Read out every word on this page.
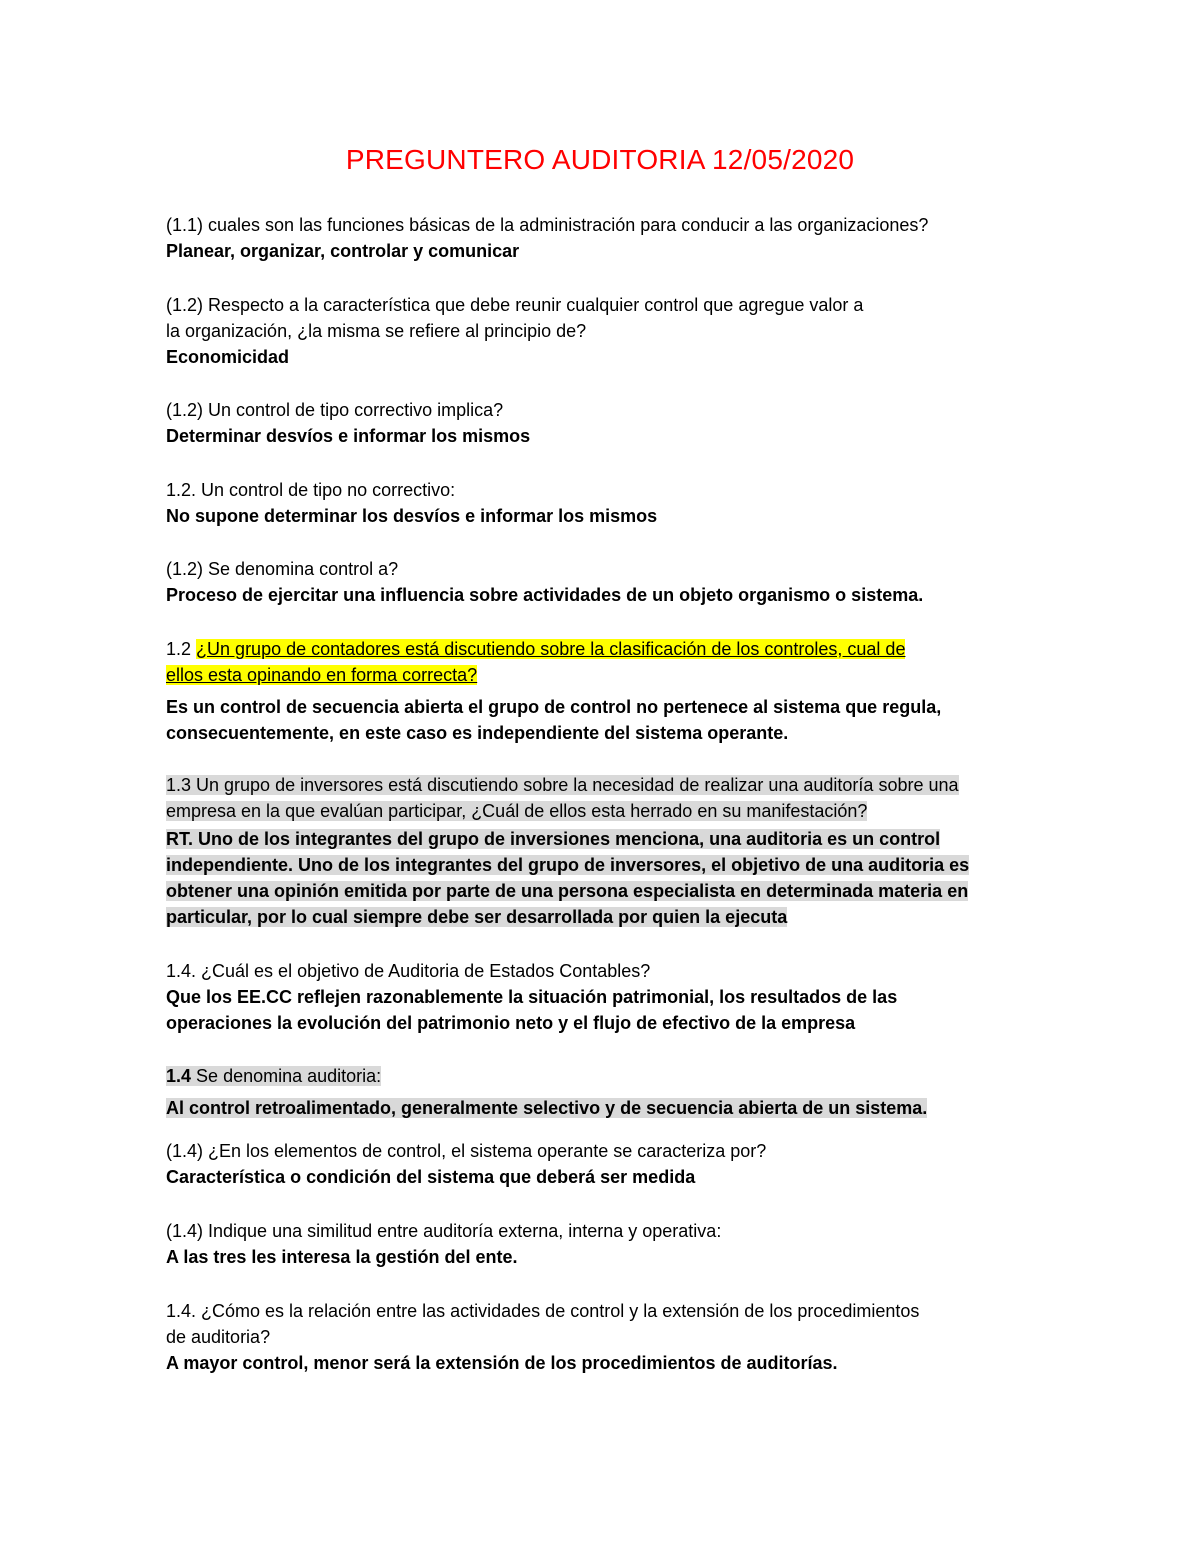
PREGUNTERO AUDITORIA 12/05/2020
(1.1) cuales son las funciones básicas de la administración para conducir a las organizaciones?
Planear, organizar, controlar y comunicar
(1.2) Respecto a la característica que debe reunir cualquier control que agregue valor a
la organización, ¿la misma se refiere al principio de?
Economicidad
(1.2) Un control de tipo correctivo implica?
Determinar desvíos e informar los mismos
1.2. Un control de tipo no correctivo:
No supone determinar los desvíos e informar los mismos
(1.2) Se denomina control a?
Proceso de ejercitar una influencia sobre actividades de un objeto organismo o sistema.
1.2 ¿Un grupo de contadores está discutiendo sobre la clasificación de los controles, cual de
ellos esta opinando en forma correcta?
Es un control de secuencia abierta el grupo de control no pertenece al sistema que regula,
consecuentemente, en este caso es independiente del sistema operante.
1.3 Un grupo de inversores está discutiendo sobre la necesidad de realizar una auditoría sobre una
empresa en la que evalúan participar, ¿Cuál de ellos esta herrado en su manifestación?
RT. Uno de los integrantes del grupo de inversiones menciona, una auditoria es un control
independiente. Uno de los integrantes del grupo de inversores, el objetivo de una auditoria es
obtener una opinión emitida por parte de una persona especialista en determinada materia en
particular, por lo cual siempre debe ser desarrollada por quien la ejecuta
1.4. ¿Cuál es el objetivo de Auditoria de Estados Contables?
Que los EE.CC reflejen razonablemente la situación patrimonial, los resultados de las
operaciones la evolución del patrimonio neto y el flujo de efectivo de la empresa
1.4 Se denomina auditoria:
Al control retroalimentado, generalmente selectivo y de secuencia abierta de un sistema.
(1.4) ¿En los elementos de control, el sistema operante se caracteriza por?
Característica o condición del sistema que deberá ser medida
(1.4) Indique una similitud entre auditoría externa, interna y operativa:
A las tres les interesa la gestión del ente.
1.4. ¿Cómo es la relación entre las actividades de control y la extensión de los procedimientos
de auditoria?
A mayor control, menor será la extensión de los procedimientos de auditorías.
